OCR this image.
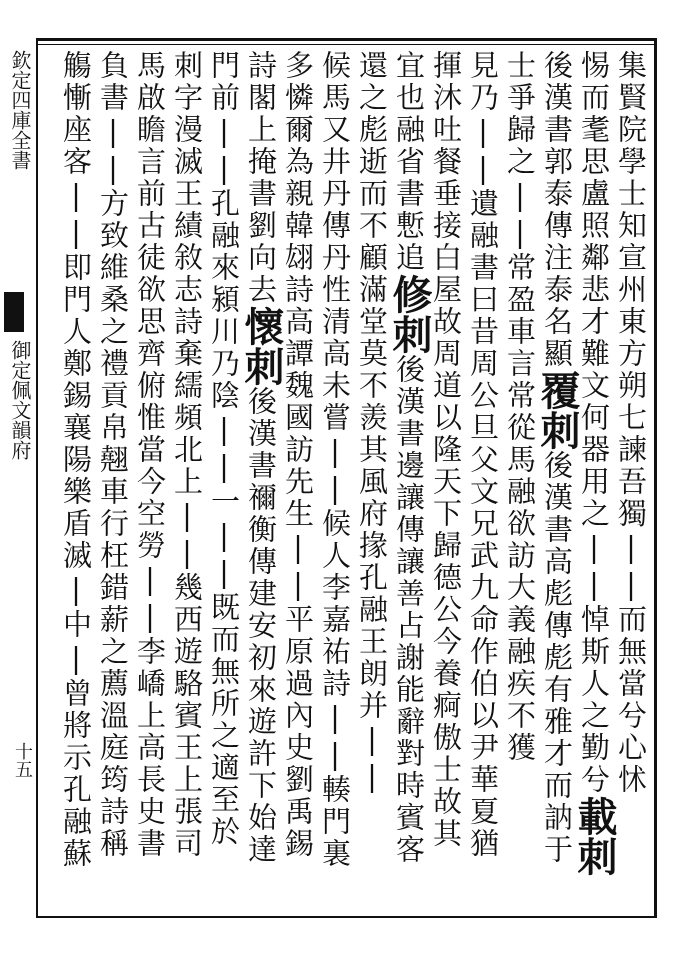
欽定四庫全書
御定佩文韻府
十五	集賢院學士知宣州東方朔七諫吾獨||而無當兮心怵
惕而耄思盧照鄰悲才難文何器用之||悼斯人之勤兮載刺
後漢書郭泰傳注泰名顯覆刺後漢書高彪傳彪有雅才而訥于
士爭歸之||常盈車言常從馬融欲訪大義融疾不獲
見乃||遺融書曰昔周公旦父文兄武九命作伯以尹華夏猶
揮沐吐餐垂接白屋故周道以隆天下歸德公今養痾傲士故其
宜也融省書慙追修刺後漢書邊讓傳讓善占謝能辭對時賓客
還之彪逝而不顧滿堂莫不羨其風府掾孔融王朗并||
候馬又井丹傳丹性清高未嘗||候人李嘉祐詩||輳門裏
多憐爾為親韓翃詩高譚魏國訪先生||平原過內史劉禹錫
詩閣上掩書劉向去懷刺後漢書禰衡傳建安初來遊許下始達
門前||孔融來潁川乃陰||一||既而無所之適至於
刺字漫滅王績敘志詩棄繻頻北上||幾西遊駱賓王上張司
馬啟瞻言前古徒欲思齊俯惟當今空勞||李嶠上高長史書
負書||方致維桑之禮貢帛翹車行枉錯薪之薦溫庭筠詩稱
觴慚座客||即門人鄭錫襄陽樂盾滅|中|曾將示孔融蘇
